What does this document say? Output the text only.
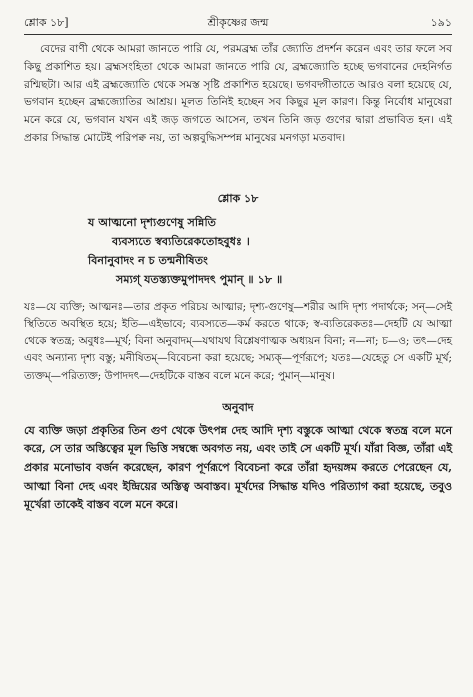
শ্লোক ১৮]	শ্রীকৃষ্ণের জন্ম	১৯১

বেদের বাণী থেকে আমরা জানতে পারি যে, পরমব্রহ্ম তাঁর জ্যোতি প্রদর্শন করেন এবং তার ফলে সব কিছু প্রকাশিত হয়। ব্রহ্মসংহিতা থেকে আমরা জানতে পারি যে, ব্রহ্মজ্যোতি হচ্ছে ভগবানের দেহনির্গত রশ্মিছটা। আর এই ব্রহ্মজ্যোতি থেকে সমস্ত সৃষ্টি প্রকাশিত হয়েছে। ভগবদ্গীতাতে আরও বলা হয়েছে যে, ভগবান হচ্ছেন ব্রহ্মজ্যোতির আশ্রয়। মূলত তিনিই হচ্ছেন সব কিছুর মূল কারণ। কিন্তু নির্বোধ মানুষেরা মনে করে যে, ভগবান যখন এই জড় জগতে আসেন, তখন তিনি জড় গুণের দ্বারা প্রভাবিত হন। এই প্রকার সিদ্ধান্ত মোটেই পরিপক্ব নয়, তা অল্পবুদ্ধিসম্পন্ন মানুষের মনগড়া মতবাদ।

শ্লোক ১৮
য আত্মনো দৃশ্যগুণেষু সন্নিতি
ব্যবস্যতে স্বব্যতিরেকতোহবুধঃ ।
বিনানুবাদং ন চ তন্মনীষিতং
সম্যগ্ যতস্ত্যক্তমুপাদদৎ পুমান্ ॥ ১৮ ॥
যঃ—যে ব্যক্তি; আত্মনঃ—তার প্রকৃত পরিচয় আত্মার; দৃশ্য-গুণেষু—শরীর আদি দৃশ্য পদার্থকে; সন্—সেই স্থিতিতে অবস্থিত হয়ে; ইতি—এইভাবে; ব্যবস্যতে—কর্ম করতে থাকে; স্ব-ব্যতিরেকতঃ—দেহটি যে আত্মা থেকে স্বতন্ত্র; অবুধঃ—মূর্খ; বিনা অনুবাদম্—যথাযথ বিশ্লেষণাত্মক অধ্যয়ন বিনা; ন—না; চ—ও; তৎ—দেহ এবং অন্যান্য দৃশ্য বস্তু; মনীষিতম্—বিবেচনা করা হয়েছে; সম্যক্—পূর্ণরূপে; যতঃ—যেহেতু সে একটি মূর্খ; ত্যক্তম্—পরিত্যক্ত; উপাদদৎ—দেহটিকে বাস্তব বলে মনে করে; পুমান্—মানুষ।
অনুবাদ
যে ব্যক্তি জড়া প্রকৃতির তিন গুণ থেকে উৎপন্ন দেহ আদি দৃশ্য বস্তুকে আত্মা থেকে স্বতন্ত্র বলে মনে করে, সে তার অস্তিত্বের মূল ভিত্তি সম্বন্ধে অবগত নয়, এবং তাই সে একটি মূর্খ। যাঁরা বিজ্ঞ, তাঁরা এই প্রকার মনোভাব বর্জন করেছেন, কারণ পূর্ণরূপে বিবেচনা করে তাঁরা হৃদয়ঙ্গম করতে পেরেছেন যে, আত্মা বিনা দেহ এবং ইন্দ্রিয়ের অস্তিত্ব অবাস্তব। মূর্খদের সিদ্ধান্ত যদিও পরিত্যাগ করা হয়েছে, তবুও মূর্খেরা তাকেই বাস্তব বলে মনে করে।
